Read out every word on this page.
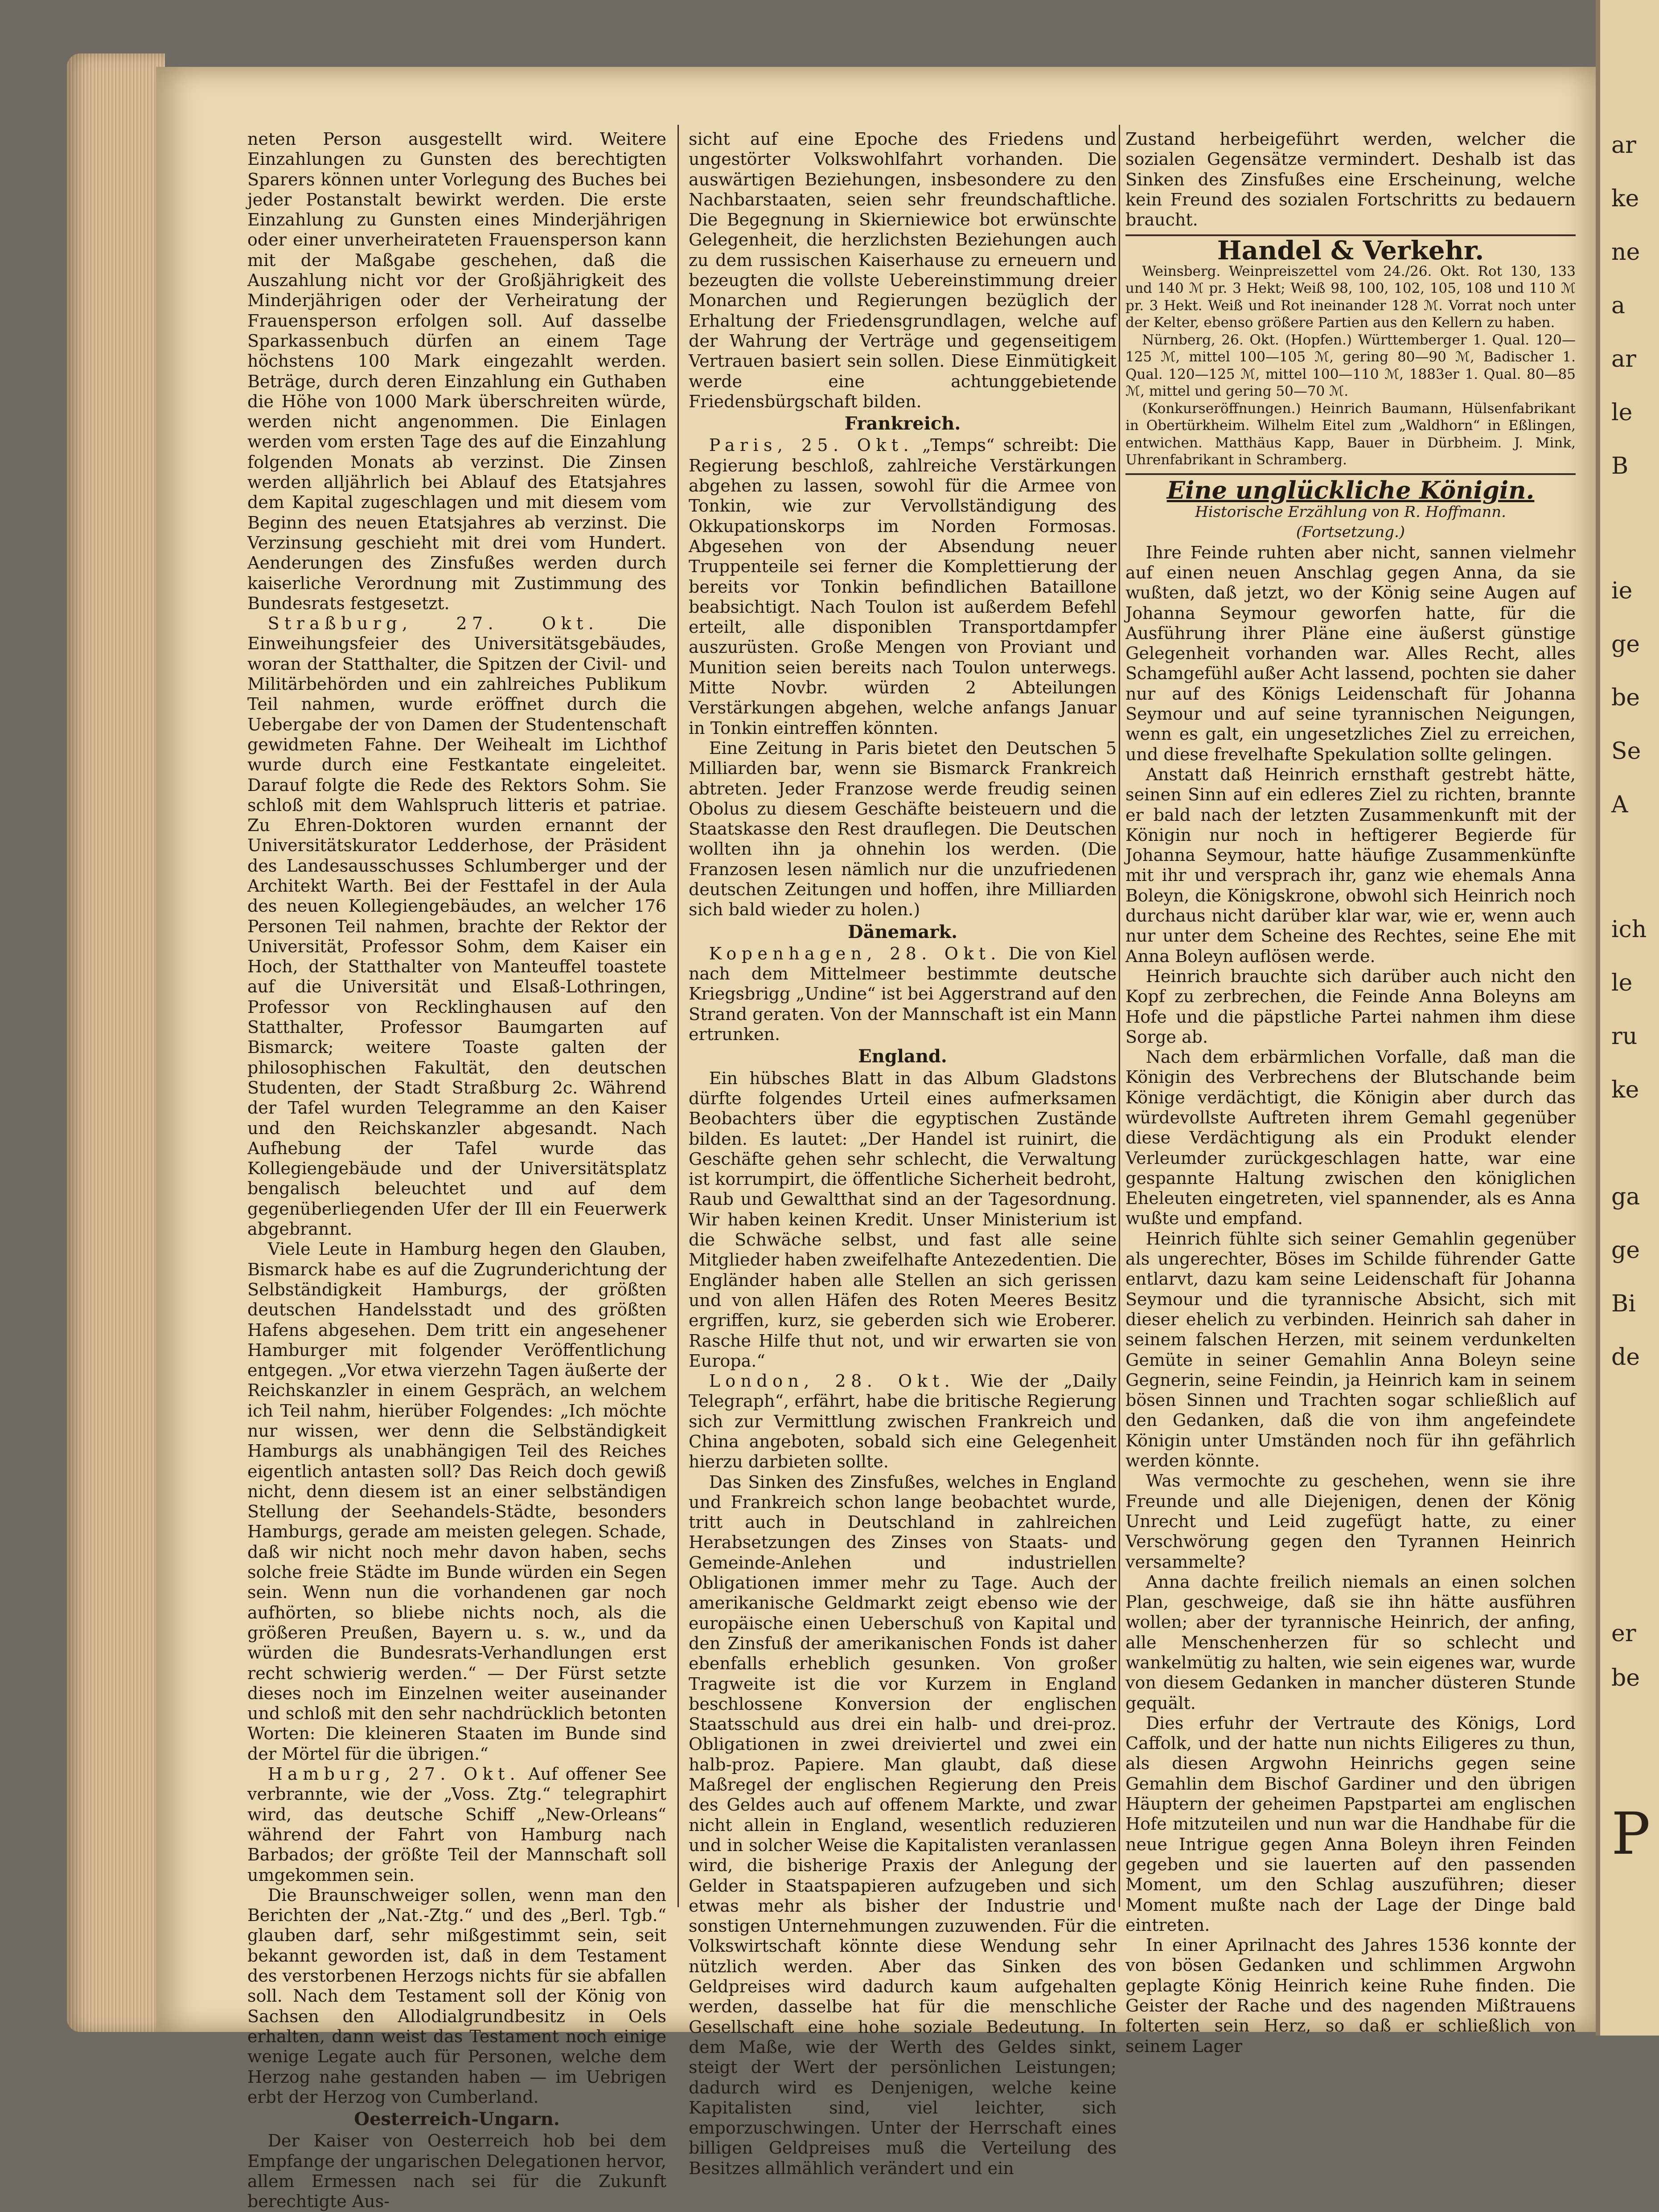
neten Person ausgestellt wird. Weitere Einzahlungen zu Gunsten des berechtigten Sparers können unter Vorlegung des Buches bei jeder Postanstalt bewirkt werden. Die erste Einzahlung zu Gunsten eines Minderjährigen oder einer unverheirateten Frauensperson kann mit der Maßgabe geschehen, daß die Auszahlung nicht vor der Großjährigkeit des Minderjährigen oder der Verheiratung der Frauensperson erfolgen soll. Auf dasselbe Sparkassenbuch dürfen an einem Tage höchstens 100 Mark eingezahlt werden. Beträge, durch deren Einzahlung ein Guthaben die Höhe von 1000 Mark überschreiten würde, werden nicht angenommen. Die Einlagen werden vom ersten Tage des auf die Einzahlung folgenden Monats ab verzinst. Die Zinsen werden alljährlich bei Ablauf des Etatsjahres dem Kapital zugeschlagen und mit diesem vom Beginn des neuen Etatsjahres ab verzinst. Die Verzinsung geschieht mit drei vom Hundert. Aenderungen des Zinsfußes werden durch kaiserliche Verordnung mit Zustimmung des Bundesrats festgesetzt.

Straßburg, 27. Okt. Die Einweihungsfeier des Universitätsgebäudes, woran der Statthalter, die Spitzen der Civil- und Militärbehörden und ein zahlreiches Publikum Teil nahmen, wurde eröffnet durch die Uebergabe der von Damen der Studentenschaft gewidmeten Fahne. Der Weihealt im Lichthof wurde durch eine Festkantate eingeleitet. Darauf folgte die Rede des Rektors Sohm. Sie schloß mit dem Wahlspruch litteris et patriae. Zu Ehren-Doktoren wurden ernannt der Universitätskurator Ledderhose, der Präsident des Landesausschusses Schlumberger und der Architekt Warth. Bei der Festtafel in der Aula des neuen Kollegiengebäudes, an welcher 176 Personen Teil nahmen, brachte der Rektor der Universität, Professor Sohm, dem Kaiser ein Hoch, der Statthalter von Manteuffel toastete auf die Universität und Elsaß-Lothringen, Professor von Recklinghausen auf den Statthalter, Professor Baumgarten auf Bismarck; weitere Toaste galten der philosophischen Fakultät, den deutschen Studenten, der Stadt Straßburg 2c. Während der Tafel wurden Telegramme an den Kaiser und den Reichskanzler abgesandt. Nach Aufhebung der Tafel wurde das Kollegiengebäude und der Universitätsplatz bengalisch beleuchtet und auf dem gegenüberliegenden Ufer der Ill ein Feuerwerk abgebrannt.

Viele Leute in Hamburg hegen den Glauben, Bismarck habe es auf die Zugrunderichtung der Selbständigkeit Hamburgs, der größten deutschen Handelsstadt und des größten Hafens abgesehen. Dem tritt ein angesehener Hamburger mit folgender Veröffentlichung entgegen. „Vor etwa vierzehn Tagen äußerte der Reichskanzler in einem Gespräch, an welchem ich Teil nahm, hierüber Folgendes: „Ich möchte nur wissen, wer denn die Selbständigkeit Hamburgs als unabhängigen Teil des Reiches eigentlich antasten soll? Das Reich doch gewiß nicht, denn diesem ist an einer selbständigen Stellung der Seehandels-Städte, besonders Hamburgs, gerade am meisten gelegen. Schade, daß wir nicht noch mehr davon haben, sechs solche freie Städte im Bunde würden ein Segen sein. Wenn nun die vorhandenen gar noch aufhörten, so bliebe nichts noch, als die größeren Preußen, Bayern u. s. w., und da würden die Bundesrats-Verhandlungen erst recht schwierig werden.“ — Der Fürst setzte dieses noch im Einzelnen weiter auseinander und schloß mit den sehr nachdrücklich betonten Worten: Die kleineren Staaten im Bunde sind der Mörtel für die übrigen.“

Hamburg, 27. Okt. Auf offener See verbrannte, wie der „Voss. Ztg.“ telegraphirt wird, das deutsche Schiff „New-Orleans“ während der Fahrt von Hamburg nach Barbados; der größte Teil der Mannschaft soll umgekommen sein.

Die Braunschweiger sollen, wenn man den Berichten der „Nat.-Ztg.“ und des „Berl. Tgb.“ glauben darf, sehr mißgestimmt sein, seit bekannt geworden ist, daß in dem Testament des verstorbenen Herzogs nichts für sie abfallen soll. Nach dem Testament soll der König von Sachsen den Allodialgrundbesitz in Oels erhalten, dann weist das Testament noch einige wenige Legate auch für Personen, welche dem Herzog nahe gestanden haben — im Uebrigen erbt der Herzog von Cumberland.

Oesterreich-Ungarn.

Der Kaiser von Oesterreich hob bei dem Empfange der ungarischen Delegationen hervor, allem Ermessen nach sei für die Zukunft berechtigte Aus-

sicht auf eine Epoche des Friedens und ungestörter Volkswohlfahrt vorhanden. Die auswärtigen Beziehungen, insbesondere zu den Nachbarstaaten, seien sehr freundschaftliche. Die Begegnung in Skierniewice bot erwünschte Gelegenheit, die herzlichsten Beziehungen auch zu dem russischen Kaiserhause zu erneuern und bezeugten die vollste Uebereinstimmung dreier Monarchen und Regierungen bezüglich der Erhaltung der Friedensgrundlagen, welche auf der Wahrung der Verträge und gegenseitigem Vertrauen basiert sein sollen. Diese Einmütigkeit werde eine achtunggebietende Friedensbürgschaft bilden.

Frankreich.

Paris, 25. Okt. „Temps“ schreibt: Die Regierung beschloß, zahlreiche Verstärkungen abgehen zu lassen, sowohl für die Armee von Tonkin, wie zur Vervollständigung des Okkupationskorps im Norden Formosas. Abgesehen von der Absendung neuer Truppenteile sei ferner die Komplettierung der bereits vor Tonkin befindlichen Bataillone beabsichtigt. Nach Toulon ist außerdem Befehl erteilt, alle disponiblen Transportdampfer auszurüsten. Große Mengen von Proviant und Munition seien bereits nach Toulon unterwegs. Mitte Novbr. würden 2 Abteilungen Verstärkungen abgehen, welche anfangs Januar in Tonkin eintreffen könnten.

Eine Zeitung in Paris bietet den Deutschen 5 Milliarden bar, wenn sie Bismarck Frankreich abtreten. Jeder Franzose werde freudig seinen Obolus zu diesem Geschäfte beisteuern und die Staatskasse den Rest drauflegen. Die Deutschen wollten ihn ja ohnehin los werden. (Die Franzosen lesen nämlich nur die unzufriedenen deutschen Zeitungen und hoffen, ihre Milliarden sich bald wieder zu holen.)

Dänemark.

Kopenhagen, 28. Okt. Die von Kiel nach dem Mittelmeer bestimmte deutsche Kriegsbrigg „Undine“ ist bei Aggerstrand auf den Strand geraten. Von der Mannschaft ist ein Mann ertrunken.

England.

Ein hübsches Blatt in das Album Gladstons dürfte folgendes Urteil eines aufmerksamen Beobachters über die egyptischen Zustände bilden. Es lautet: „Der Handel ist ruinirt, die Geschäfte gehen sehr schlecht, die Verwaltung ist korrumpirt, die öffentliche Sicherheit bedroht, Raub und Gewaltthat sind an der Tagesordnung. Wir haben keinen Kredit. Unser Ministerium ist die Schwäche selbst, und fast alle seine Mitglieder haben zweifelhafte Antezedentien. Die Engländer haben alle Stellen an sich gerissen und von allen Häfen des Roten Meeres Besitz ergriffen, kurz, sie geberden sich wie Eroberer. Rasche Hilfe thut not, und wir erwarten sie von Europa.“

London, 28. Okt. Wie der „Daily Telegraph“, erfährt, habe die britische Regierung sich zur Vermittlung zwischen Frankreich und China angeboten, sobald sich eine Gelegenheit hierzu darbieten sollte.

Das Sinken des Zinsfußes, welches in England und Frankreich schon lange beobachtet wurde, tritt auch in Deutschland in zahlreichen Herabsetzungen des Zinses von Staats- und Gemeinde-Anlehen und industriellen Obligationen immer mehr zu Tage. Auch der amerikanische Geldmarkt zeigt ebenso wie der europäische einen Ueberschuß von Kapital und den Zinsfuß der amerikanischen Fonds ist daher ebenfalls erheblich gesunken. Von großer Tragweite ist die vor Kurzem in England beschlossene Konversion der englischen Staatsschuld aus drei ein halb- und drei-proz. Obligationen in zwei dreiviertel und zwei ein halb-proz. Papiere. Man glaubt, daß diese Maßregel der englischen Regierung den Preis des Geldes auch auf offenem Markte, und zwar nicht allein in England, wesentlich reduzieren und in solcher Weise die Kapitalisten veranlassen wird, die bisherige Praxis der Anlegung der Gelder in Staatspapieren aufzugeben und sich etwas mehr als bisher der Industrie und sonstigen Unternehmungen zuzuwenden. Für die Volkswirtschaft könnte diese Wendung sehr nützlich werden. Aber das Sinken des Geldpreises wird dadurch kaum aufgehalten werden, dasselbe hat für die menschliche Gesellschaft eine hohe soziale Bedeutung. In dem Maße, wie der Werth des Geldes sinkt, steigt der Wert der persönlichen Leistungen; dadurch wird es Denjenigen, welche keine Kapitalisten sind, viel leichter, sich emporzuschwingen. Unter der Herrschaft eines billigen Geldpreises muß die Verteilung des Besitzes allmählich verändert und ein

Zustand herbeigeführt werden, welcher die sozialen Gegensätze vermindert. Deshalb ist das Sinken des Zinsfußes eine Erscheinung, welche kein Freund des sozialen Fortschritts zu bedauern braucht.

Handel & Verkehr.

Weinsberg. Weinpreiszettel vom 24./26. Okt. Rot 130, 133 und 140 ℳ pr. 3 Hekt; Weiß 98, 100, 102, 105, 108 und 110 ℳ pr. 3 Hekt. Weiß und Rot ineinander 128 ℳ. Vorrat noch unter der Kelter, ebenso größere Partien aus den Kellern zu haben.

Nürnberg, 26. Okt. (Hopfen.) Württemberger 1. Qual. 120—125 ℳ, mittel 100—105 ℳ, gering 80—90 ℳ, Badischer 1. Qual. 120—125 ℳ, mittel 100—110 ℳ, 1883er 1. Qual. 80—85 ℳ, mittel und gering 50—70 ℳ.

(Konkurseröffnungen.) Heinrich Baumann, Hülsenfabrikant in Obertürkheim. Wilhelm Eitel zum „Waldhorn“ in Eßlingen, entwichen. Matthäus Kapp, Bauer in Dürbheim. J. Mink, Uhrenfabrikant in Schramberg.

Eine unglückliche Königin.
Historische Erzählung von R. Hoffmann.
(Fortsetzung.)

Ihre Feinde ruhten aber nicht, sannen vielmehr auf einen neuen Anschlag gegen Anna, da sie wußten, daß jetzt, wo der König seine Augen auf Johanna Seymour geworfen hatte, für die Ausführung ihrer Pläne eine äußerst günstige Gelegenheit vorhanden war. Alles Recht, alles Schamgefühl außer Acht lassend, pochten sie daher nur auf des Königs Leidenschaft für Johanna Seymour und auf seine tyrannischen Neigungen, wenn es galt, ein ungesetzliches Ziel zu erreichen, und diese frevelhafte Spekulation sollte gelingen.

Anstatt daß Heinrich ernsthaft gestrebt hätte, seinen Sinn auf ein edleres Ziel zu richten, brannte er bald nach der letzten Zusammenkunft mit der Königin nur noch in heftigerer Begierde für Johanna Seymour, hatte häufige Zusammenkünfte mit ihr und versprach ihr, ganz wie ehemals Anna Boleyn, die Königskrone, obwohl sich Heinrich noch durchaus nicht darüber klar war, wie er, wenn auch nur unter dem Scheine des Rechtes, seine Ehe mit Anna Boleyn auflösen werde.

Heinrich brauchte sich darüber auch nicht den Kopf zu zerbrechen, die Feinde Anna Boleyns am Hofe und die päpstliche Partei nahmen ihm diese Sorge ab.

Nach dem erbärmlichen Vorfalle, daß man die Königin des Verbrechens der Blutschande beim Könige verdächtigt, die Königin aber durch das würdevollste Auftreten ihrem Gemahl gegenüber diese Verdächtigung als ein Produkt elender Verleumder zurückgeschlagen hatte, war eine gespannte Haltung zwischen den königlichen Eheleuten eingetreten, viel spannender, als es Anna wußte und empfand.

Heinrich fühlte sich seiner Gemahlin gegenüber als ungerechter, Böses im Schilde führender Gatte entlarvt, dazu kam seine Leidenschaft für Johanna Seymour und die tyrannische Absicht, sich mit dieser ehelich zu verbinden. Heinrich sah daher in seinem falschen Herzen, mit seinem verdunkelten Gemüte in seiner Gemahlin Anna Boleyn seine Gegnerin, seine Feindin, ja Heinrich kam in seinem bösen Sinnen und Trachten sogar schließlich auf den Gedanken, daß die von ihm angefeindete Königin unter Umständen noch für ihn gefährlich werden könnte.

Was vermochte zu geschehen, wenn sie ihre Freunde und alle Diejenigen, denen der König Unrecht und Leid zugefügt hatte, zu einer Verschwörung gegen den Tyrannen Heinrich versammelte?

Anna dachte freilich niemals an einen solchen Plan, geschweige, daß sie ihn hätte ausführen wollen; aber der tyrannische Heinrich, der anfing, alle Menschenherzen für so schlecht und wankelmütig zu halten, wie sein eigenes war, wurde von diesem Gedanken in mancher düsteren Stunde gequält.

Dies erfuhr der Vertraute des Königs, Lord Caffolk, und der hatte nun nichts Eiligeres zu thun, als diesen Argwohn Heinrichs gegen seine Gemahlin dem Bischof Gardiner und den übrigen Häuptern der geheimen Papstpartei am englischen Hofe mitzuteilen und nun war die Handhabe für die neue Intrigue gegen Anna Boleyn ihren Feinden gegeben und sie lauerten auf den passenden Moment, um den Schlag auszuführen; dieser Moment mußte nach der Lage der Dinge bald eintreten.

In einer Aprilnacht des Jahres 1536 konnte der von bösen Gedanken und schlimmen Argwohn geplagte König Heinrich keine Ruhe finden. Die Geister der Rache und des nagenden Mißtrauens folterten sein Herz, so daß er schließlich von seinem Lager

ar
ke
ne
a
ar
le
B
ie
ge
be
Se
A
ich
le
ru
ke
ga
ge
Bi
de
er
be
P
